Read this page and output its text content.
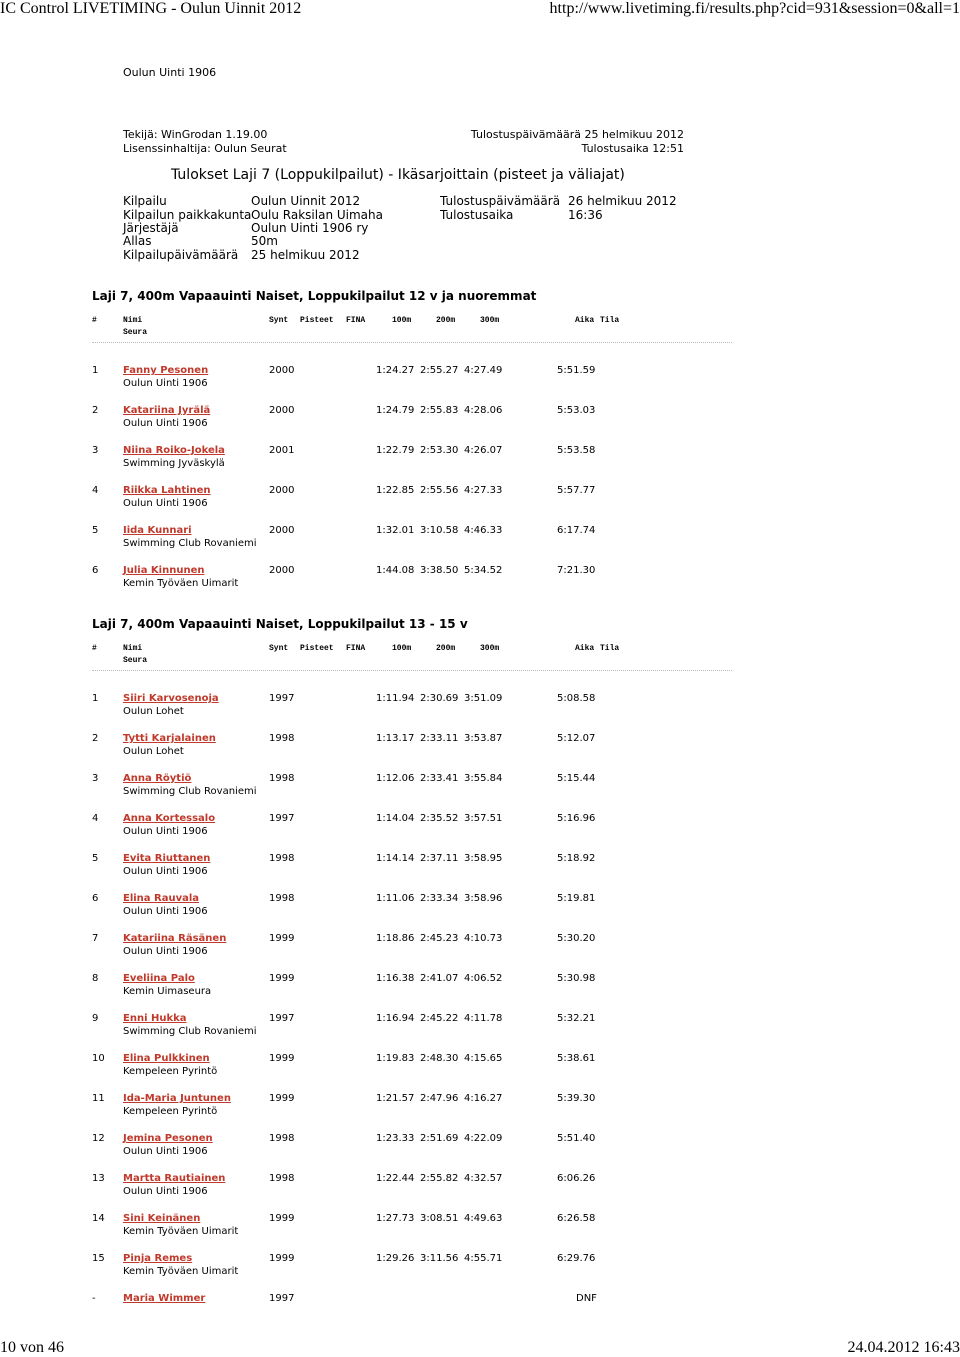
IC Control LIVETIMING - Oulun Uinnit 2012	http://www.livetiming.fi/results.php?cid=931&session=0&all=1
Oulun Uinti 1906
Tekijä: WinGrodan 1.19.00
Lisenssinhaltija: Oulun Seurat
Tulostuspäivämäärä 25 helmikuu 2012
Tulostusaika 12:51
Tulokset Laji 7 (Loppukilpailut) - Ikäsarjoittain (pisteet ja väliajat)
Kilpailu	Oulun Uinnit 2012
Kilpailun paikkakunta Oulu Raksilan Uimaha
Järjestäjä	Oulun Uinti 1906 ry
Allas	50m
Kilpailupäivämäärä 25 helmikuu 2012
Tulostuspäivämäärä 26 helmikuu 2012
Tulostusaika	16:36
Laji 7, 400m Vapaauinti Naiset, Loppukilpailut 12 v ja nuoremmat
#	Nimi	Synt Pisteet FINA	100m	200m	300m	Aika Tila
Seura
1 Fanny Pesonen	2000	1:24.27 2:55.27 4:27.49	5:51.59
Oulun Uinti 1906
2 Katariina Jyrälä	2000	1:24.79 2:55.83 4:28.06	5:53.03
Oulun Uinti 1906
3 Niina Roiko-Jokela	2001	1:22.79 2:53.30 4:26.07	5:53.58
Swimming Jyväskylä
4 Riikka Lahtinen	2000	1:22.85 2:55.56 4:27.33	5:57.77
Oulun Uinti 1906
5 Iida Kunnari	2000	1:32.01 3:10.58 4:46.33	6:17.74
Swimming Club Rovaniemi
6 Julia Kinnunen	2000	1:44.08 3:38.50 5:34.52	7:21.30
Kemin Työväen Uimarit
Laji 7, 400m Vapaauinti Naiset, Loppukilpailut 13 - 15 v
#	Nimi	Synt Pisteet FINA	100m	200m	300m	Aika Tila
Seura
1 Siiri Karvosenoja	1997	1:11.94 2:30.69 3:51.09	5:08.58
Oulun Lohet
2 Tytti Karjalainen	1998	1:13.17 2:33.11 3:53.87	5:12.07
Oulun Lohet
3 Anna Röytiö	1998	1:12.06 2:33.41 3:55.84	5:15.44
Swimming Club Rovaniemi
4 Anna Kortessalo	1997	1:14.04 2:35.52 3:57.51	5:16.96
Oulun Uinti 1906
5 Evita Riuttanen	1998	1:14.14 2:37.11 3:58.95	5:18.92
Oulun Uinti 1906
6 Elina Rauvala	1998	1:11.06 2:33.34 3:58.96	5:19.81
Oulun Uinti 1906
7 Katariina Räsänen	1999	1:18.86 2:45.23 4:10.73	5:30.20
Oulun Uinti 1906
8 Eveliina Palo	1999	1:16.38 2:41.07 4:06.52	5:30.98
Kemin Uimaseura
9 Enni Hukka	1997	1:16.94 2:45.22 4:11.78	5:32.21
Swimming Club Rovaniemi
10 Elina Pulkkinen	1999	1:19.83 2:48.30 4:15.65	5:38.61
Kempeleen Pyrintö
11 Ida-Maria Juntunen	1999	1:21.57 2:47.96 4:16.27	5:39.30
Kempeleen Pyrintö
12 Jemina Pesonen	1998	1:23.33 2:51.69 4:22.09	5:51.40
Oulun Uinti 1906
13 Martta Rautiainen	1998	1:22.44 2:55.82 4:32.57	6:06.26
Oulun Uinti 1906
14 Sini Keinänen	1999	1:27.73 3:08.51 4:49.63	6:26.58
Kemin Työväen Uimarit
15 Pinja Remes	1999	1:29.26 3:11.56 4:55.71	6:29.76
Kemin Työväen Uimarit
-	Maria Wimmer	1997	DNF
10 von 46	24.04.2012 16:43
